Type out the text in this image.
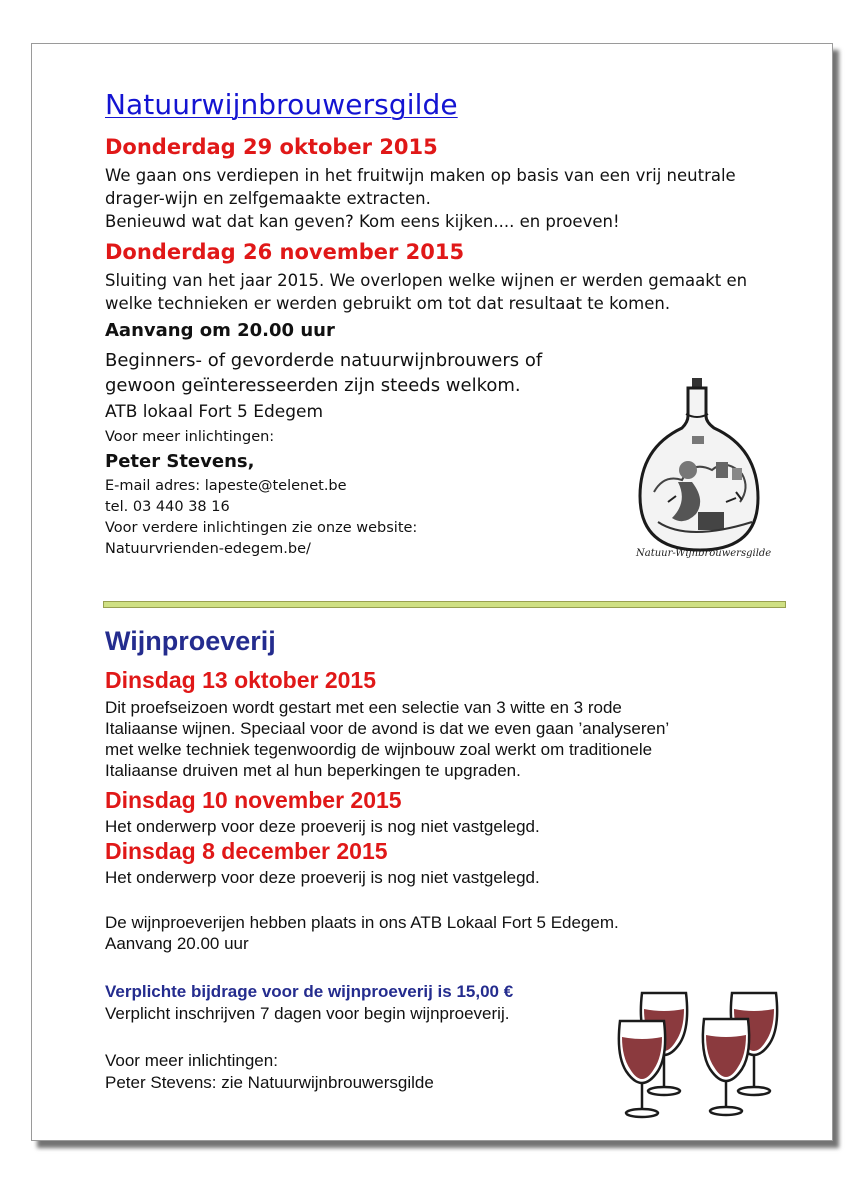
Natuurwijnbrouwersgilde
Donderdag 29 oktober 2015
We gaan ons verdiepen in het fruitwijn maken op basis van een vrij neutrale
drager-wijn en zelfgemaakte extracten.
Benieuwd wat dat kan geven? Kom eens kijken.... en proeven!
Donderdag 26 november 2015
Sluiting van het jaar 2015. We overlopen welke wijnen er werden gemaakt en
welke technieken er werden gebruikt om tot dat resultaat te komen.
Aanvang om 20.00 uur
Beginners- of gevorderde natuurwijnbrouwers of
gewoon geïnteresseerden zijn steeds welkom.
ATB lokaal Fort 5 Edegem
Voor meer inlichtingen:
Peter Stevens,
E-mail adres: lapeste@telenet.be
tel. 03 440 38 16
Voor verdere inlichtingen zie onze website:
Natuurvrienden-edegem.be/	Natuur-Wijnbrouwersgilde
Wijnproeverij
Dinsdag 13 oktober 2015
Dit proefseizoen wordt gestart met een selectie van 3 witte en 3 rode
Italiaanse wijnen. Speciaal voor de avond is dat we even gaan ’analyseren’
met welke techniek tegenwoordig de wijnbouw zoal werkt om traditionele
Italiaanse druiven met al hun beperkingen te upgraden.
Dinsdag 10 november 2015
Het onderwerp voor deze proeverij is nog niet vastgelegd.
Dinsdag 8 december 2015
Het onderwerp voor deze proeverij is nog niet vastgelegd.
De wijnproeverijen hebben plaats in ons ATB Lokaal Fort 5 Edegem.
Aanvang 20.00 uur
Verplichte bijdrage voor de wijnproeverij is 15,00 €
Verplicht inschrijven 7 dagen voor begin wijnproeverij.
Voor meer inlichtingen:
Peter Stevens: zie Natuurwijnbrouwersgilde
